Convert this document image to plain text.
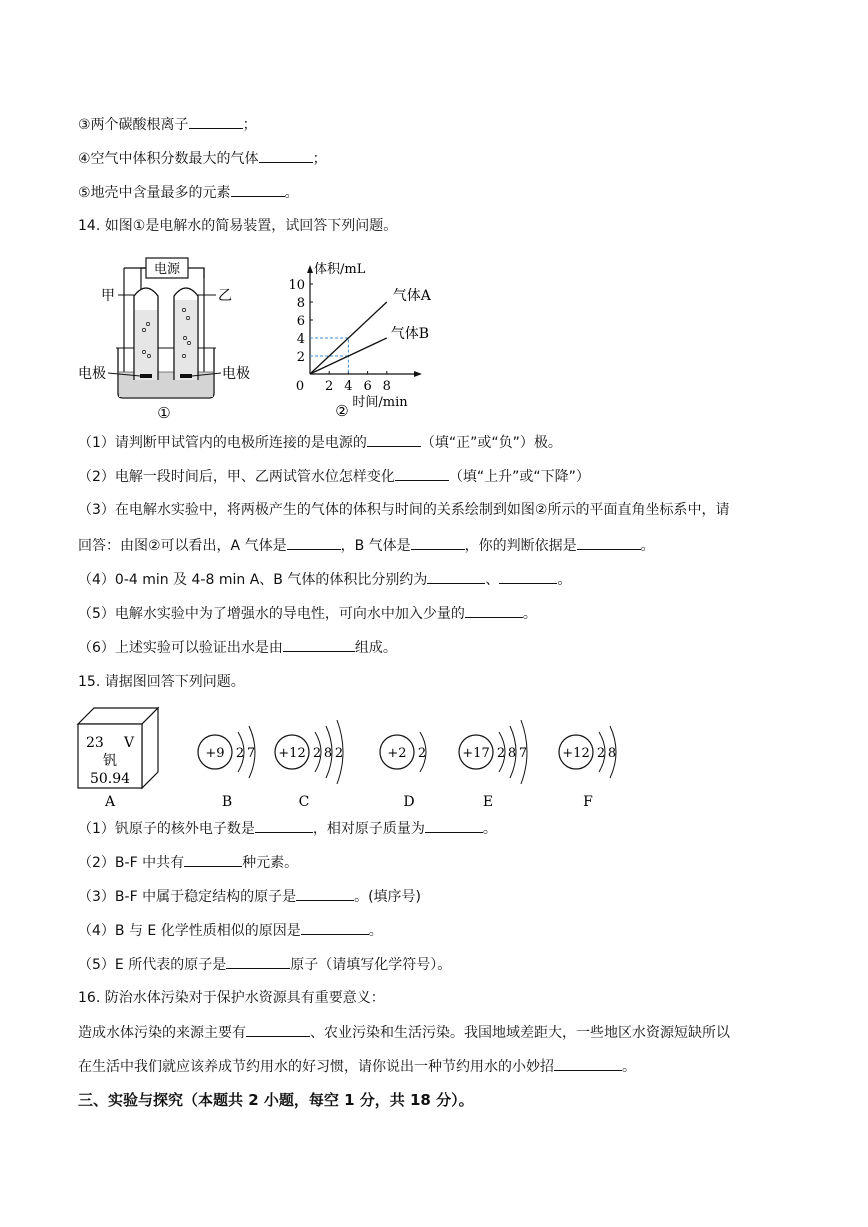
③两个碳酸根离子	；
④空气中体积分数最大的气体	；
⑤地壳中含量最多的元素	。
14. 如图①是电解水的简易装置，试回答下列问题。
电源
甲	乙
电极	电极
①
体积/mL
时间/min
0 2 4 6 8
2
4
6
8
10
气体A
气体B
②
（1）请判断甲试管内的电极所连接的是电源的	（填“正”或“负”）极。
（2）电解一段时间后，甲、乙两试管水位怎样变化	（填“上升”或“下降”）
（3）在电解水实验中，将两极产生的气体的体积与时间的关系绘制到如图②所示的平面直角坐标系中，请
回答：由图②可以看出，A 气体是	，B 气体是	，你的判断依据是	。
（4）0-4 min 及 4-8 min A、B 气体的体积比分别约为	、	。
（5）电解水实验中为了增强水的导电性，可向水中加入少量的	。
（6）上述实验可以验证出水是由	组成。
15. 请据图回答下列问题。
23 V
钒
50.94
A
+9 2 7
B
+12 2 8 2
C
+2 2
D
+17 2 8 7
E
+12 2 8
F
（1）钒原子的核外电子数是	，相对原子质量为	。
（2）B-F 中共有	种元素。
（3）B-F 中属于稳定结构的原子是	。(填序号)
（4）B 与 E 化学性质相似的原因是	。
（5）E 所代表的原子是	原子（请填写化学符号）。
16. 防治水体污染对于保护水资源具有重要意义：
造成水体污染的来源主要有	、农业污染和生活污染。我国地域差距大，一些地区水资源短缺所以
在生活中我们就应该养成节约用水的好习惯，请你说出一种节约用水的小妙招	。
三、实验与探究（本题共 2 小题，每空 1 分，共 18 分）。
